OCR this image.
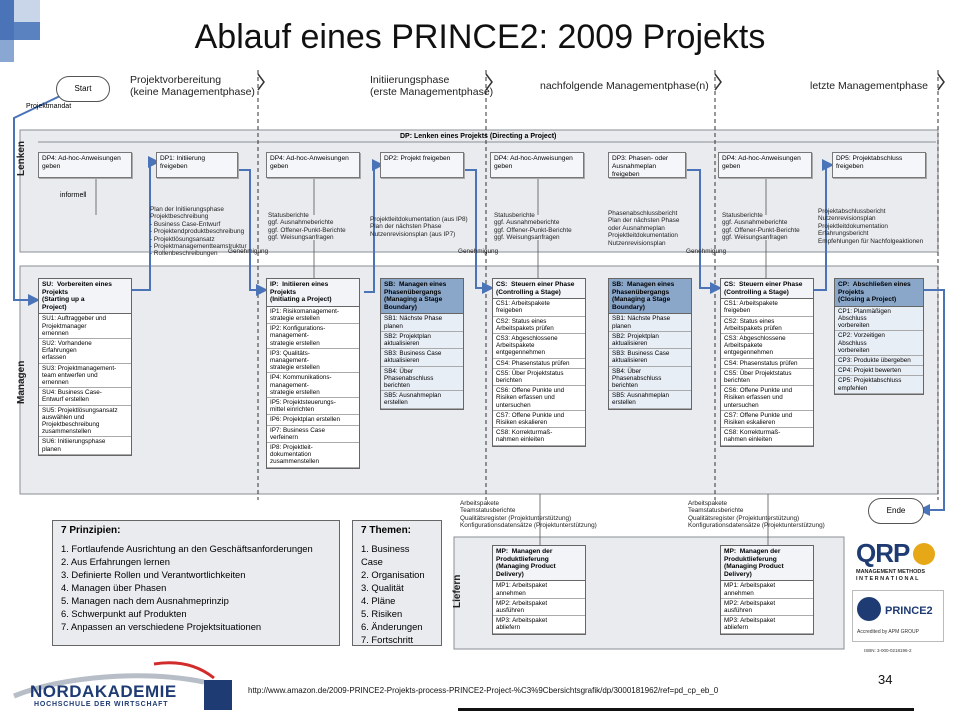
Ablauf eines PRINCE2: 2009 Projekts
Projektvorbereitung
(keine Managementphase)
Initiierungsphase
(erste Managementphase)	nachfolgende Managementphase(n)	letzte Managementphase
Start
Projektmandat
informell
Lenken
Managen
Liefern
DP: Lenken eines Projekts (Directing a Project)
DP4: Ad-hoc-Anweisungen geben
DP1: Initiierung freigeben
DP4: Ad-hoc-Anweisungen geben
DP2: Projekt freigeben	DP4: Ad-hoc-Anweisungen geben
DP3: Phasen- oder Ausnahmeplan freigeben
DP4: Ad-hoc-Anweisungen geben
DP5: Projektabschluss freigeben
Plan der Initiierungsphase
Projektbeschreibung
- Business Case-Entwurf
- Projektendproduktbeschreibung
- Projektlösungsansatz
- Projektmanagementteamstruktur
- Rollenbeschreibungen
Statusberichte
ggf. Ausnahmeberichte
ggf. Offener-Punkt-Berichte
ggf. Weisungsanfragen
Projektleitdokumentation (aus IP8)
Plan der nächsten Phase
Nutzenrevisionsplan (aus IP7)
Statusberichte
ggf. Ausnahmeberichte
ggf. Offener-Punkt-Berichte
ggf. Weisungsanfragen
Phasenabschlussbericht
Plan der nächsten Phase
oder Ausnahmeplan
Projektleitdokumentation
Nutzenrevisionsplan
Statusberichte
ggf. Ausnahmeberichte
ggf. Offener-Punkt-Berichte
ggf. Weisungsanfragen
Projektabschlussbericht
Nutzenrevisionsplan
Projektleitdokumentation
Erfahrungsbericht
Empfehlungen für Nachfolgeaktionen
Genehmigung	Genehmigung	Genehmigung
Arbeitspakete
Teamstatusberichte
Qualitätsregister (Projektunterstützung)
Konfigurationsdatensätze (Projektunterstützung)
Arbeitspakete
Teamstatusberichte
Qualitätsregister (Projektunterstützung)
Konfigurationsdatensätze (Projektunterstützung)
SU:  Vorbereiten eines
Projekts
(Starting up a
Project)
SU1: Auftraggeber und
Projektmanager
ernennen
SU2: Vorhandene
Erfahrungen
erfassen
SU3: Projektmanagement-
team entwerfen und
ernennen
SU4: Business Case-
Entwurf erstellen
SU5: Projektlösungsansatz
auswählen und
Projektbeschreibung
zusammenstellen
SU6: Initiierungsphase
planen
IP:  Initiieren eines
Projekts
(Initiating a Project)
IP1: Risikomanagement-
strategie erstellen
IP2: Konfigurations-
management-
strategie erstellen
IP3: Qualitäts-
management-
strategie erstellen
IP4: Kommunikations-
management-
strategie erstellen
IP5: Projektsteuerungs-
mittel einrichten
IP6: Projektplan erstellen
IP7: Business Case
verfeinern
IP8: Projektleit-
dokumentation
zusammenstellen
SB:  Managen eines
Phasenübergangs
(Managing a Stage
Boundary)
SB1: Nächste Phase
planen
SB2: Projektplan
aktualisieren
SB3: Business Case
aktualisieren
SB4: Über
Phasenabschluss
berichten
SB5: Ausnahmeplan
erstellen
CS:  Steuern einer Phase
(Controlling a Stage)
CS1: Arbeitspakete
freigeben
CS2: Status eines
Arbeitspakets prüfen
CS3: Abgeschlossene
Arbeitspakete
entgegennehmen
CS4: Phasenstatus prüfen
CS5: Über Projektstatus
berichten
CS6: Offene Punkte und
Risiken erfassen und
untersuchen
CS7: Offene Punkte und
Risiken eskalieren
CS8: Korrekturmaß-
nahmen einleiten
SB:  Managen eines
Phasenübergangs
(Managing a Stage
Boundary)
SB1: Nächste Phase
planen
SB2: Projektplan
aktualisieren
SB3: Business Case
aktualisieren
SB4: Über
Phasenabschluss
berichten
SB5: Ausnahmeplan
erstellen
CS:  Steuern einer Phase
(Controlling a Stage)
CS1: Arbeitspakete
freigeben
CS2: Status eines
Arbeitspakets prüfen
CS3: Abgeschlossene
Arbeitspakete
entgegennehmen
CS4: Phasenstatus prüfen
CS5: Über Projektstatus
berichten
CS6: Offene Punkte und
Risiken erfassen und
untersuchen
CS7: Offene Punkte und
Risiken eskalieren
CS8: Korrekturmaß-
nahmen einleiten
CP:  Abschließen eines
Projekts
(Closing a Project)
CP1: Planmäßigen
Abschluss
vorbereiten
CP2: Vorzeitigen
Abschluss
vorbereiten
CP3: Produkte übergeben
CP4: Projekt bewerten
CP5: Projektabschluss
empfehlen
Ende
MP:  Managen der
Produktlieferung
(Managing Product
Delivery)
MP1: Arbeitspaket
annehmen
MP2: Arbeitspaket
ausführen
MP3: Arbeitspaket
abliefern
MP:  Managen der
Produktlieferung
(Managing Product
Delivery)
MP1: Arbeitspaket
annehmen
MP2: Arbeitspaket
ausführen
MP3: Arbeitspaket
abliefern
7 Prinzipien:
1. Fortlaufende Ausrichtung an den Geschäftsanforderungen
2. Aus Erfahrungen lernen
3. Definierte Rollen und Verantwortlichkeiten
4. Managen über Phasen
5. Managen nach dem Ausnahmeprinzip
6. Schwerpunkt auf Produkten
7. Anpassen an verschiedene Projektsituationen
7 Themen:
1. Business Case
2. Organisation
3. Qualität
4. Pläne
5. Risiken
6. Änderungen
7. Fortschritt
QRP
MANAGEMENT METHODS
I N T E R N A T I O N A L
PRINCE2
Accredited by APM GROUP
ISBN: 3-000-0218196-2
NORDAKADEMIE
HOCHSCHULE DER WIRTSCHAFT
34
http://www.amazon.de/2009-PRINCE2-Projekts-process-PRINCE2-Project-%C3%9Cbersichtsgrafik/dp/3000181962/ref=pd_cp_eb_0
